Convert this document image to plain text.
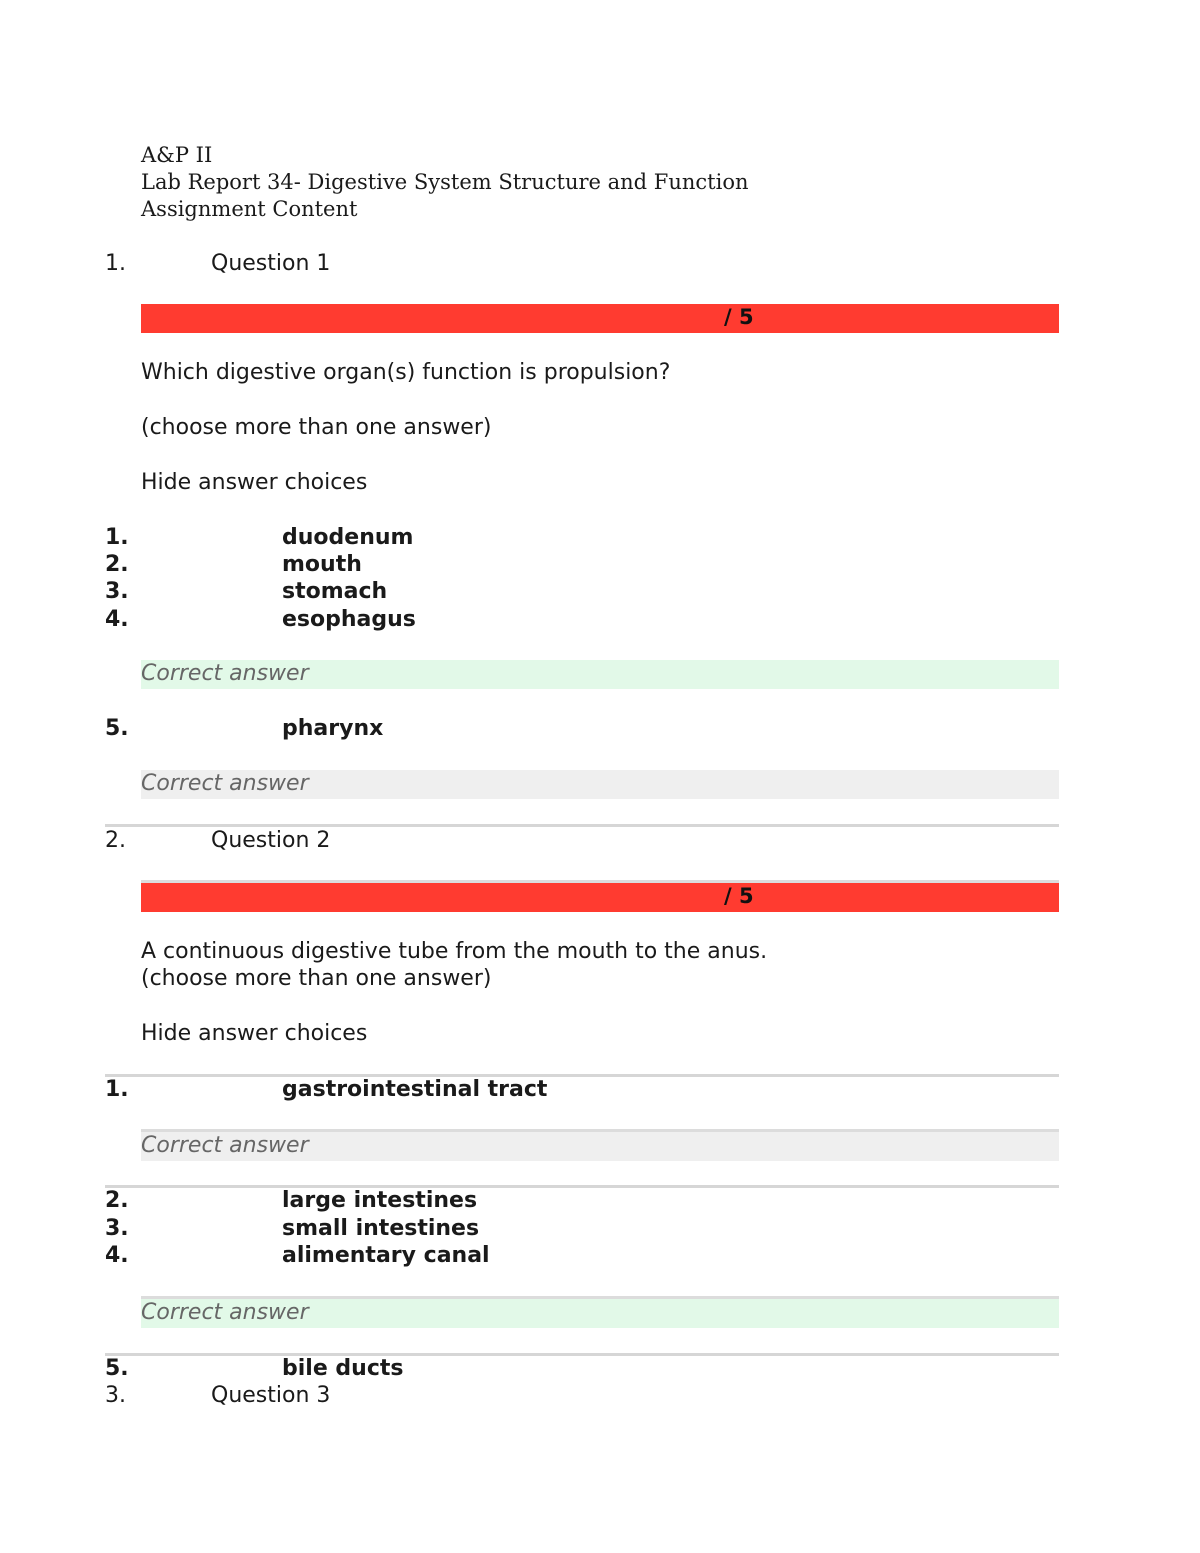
A&P II
Lab Report 34- Digestive System Structure and Function
Assignment Content
1.	Question 1
/ 5
Which digestive organ(s) function is propulsion?
(choose more than one answer)
Hide answer choices
1.	duodenum
2.	mouth
3.	stomach
4.	esophagus
Correct answer
5.	pharynx
Correct answer
2.	Question 2
/ 5
A continuous digestive tube from the mouth to the anus.
(choose more than one answer)
Hide answer choices
1.	gastrointestinal tract
Correct answer
2.	large intestines
3.	small intestines
4.	alimentary canal
Correct answer
5.	bile ducts
3.	Question 3
